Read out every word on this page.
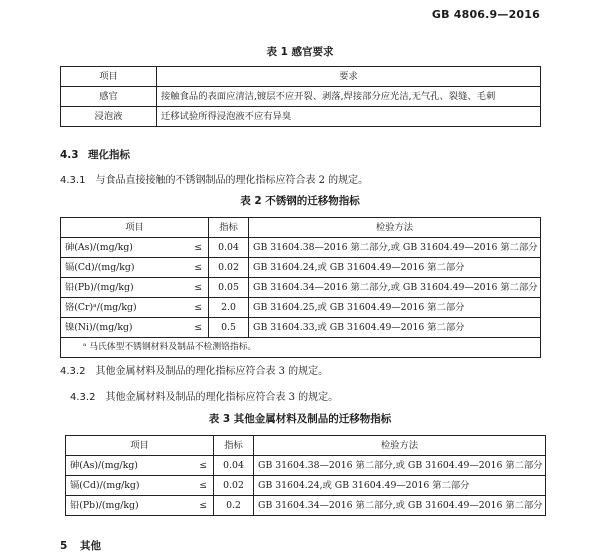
GB 4806.9—2016
表 1 感官要求
项目	要求
感官	接触食品的表面应清洁,镀层不应开裂、剥落,焊接部分应光洁,无气孔、裂缝、毛刺
浸泡液	迁移试验所得浸泡液不应有异臭
4.3 理化指标
4.3.1 与食品直接接触的不锈钢制品的理化指标应符合表 2 的规定。
表 2 不锈钢的迁移物指标
项目		指标	检验方法
砷(As)/(mg/kg)	≤	0.04	GB 31604.38—2016 第二部分,或 GB 31604.49—2016 第二部分
镉(Cd)/(mg/kg)	≤	0.02	GB 31604.24,或 GB 31604.49—2016 第二部分
铅(Pb)/(mg/kg)	≤	0.05	GB 31604.34—2016 第二部分,或 GB 31604.49—2016 第二部分
铬(Cr)ᵃ/(mg/kg)	≤	2.0	GB 31604.25,或 GB 31604.49—2016 第二部分
镍(Ni)/(mg/kg)	≤	0.5	GB 31604.33,或 GB 31604.49—2016 第二部分
ᵃ 马氏体型不锈钢材料及制品不检测铬指标。			
4.3.2 其他金属材料及制品的理化指标应符合表 3 的规定。
4.3.2 其他金属材料及制品的理化指标应符合表 3 的规定。
表 3 其他金属材料及制品的迁移物指标
项目		指标	检验方法
砷(As)/(mg/kg)	≤	0.04	GB 31604.38—2016 第二部分,或 GB 31604.49—2016 第二部分
镉(Cd)/(mg/kg)	≤	0.02	GB 31604.24,或 GB 31604.49—2016 第二部分
铅(Pb)/(mg/kg)	≤	0.2	GB 31604.34—2016 第二部分,或 GB 31604.49—2016 第二部分
5 其他
